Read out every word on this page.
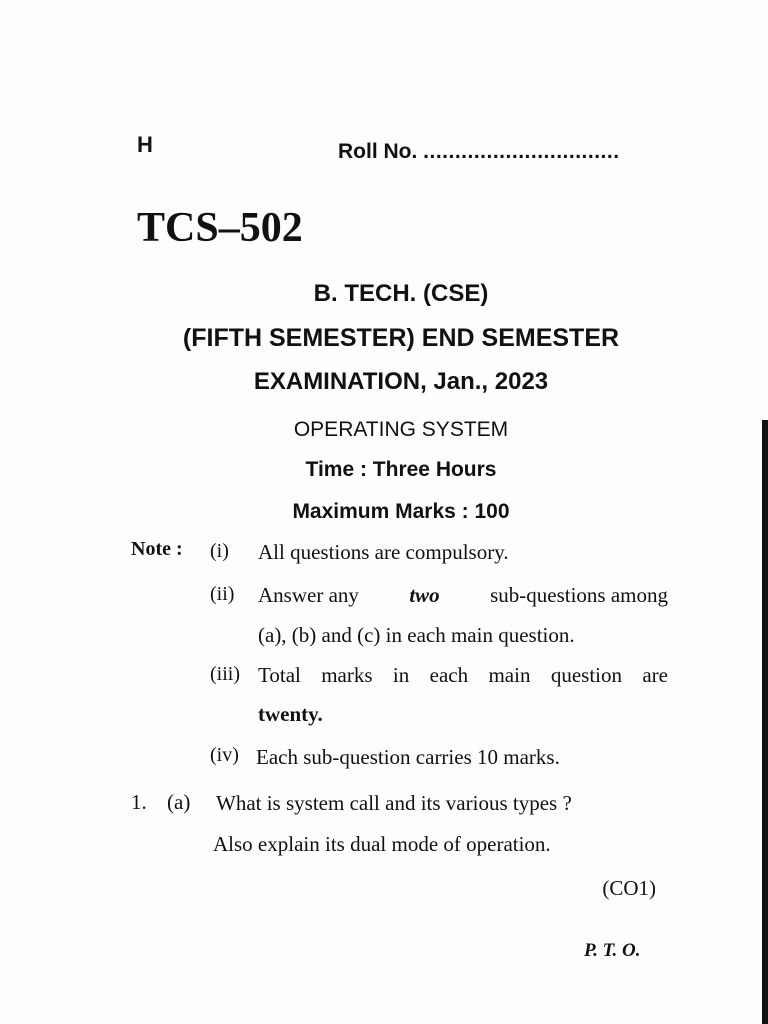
H	Roll No. ...............................
TCS–502
B. TECH. (CSE)
(FIFTH SEMESTER) END SEMESTER
EXAMINATION, Jan., 2023
OPERATING SYSTEM
Time : Three Hours
Maximum Marks : 100
Note : (i) All questions are compulsory.
(ii) Answer any two sub-questions among
(a), (b) and (c) in each main question.
(iii) Total marks in each main question are
twenty.
(iv) Each sub-question carries 10 marks.
1. (a) What is system call and its various types ?
Also explain its dual mode of operation.
(CO1)
P. T. O.
